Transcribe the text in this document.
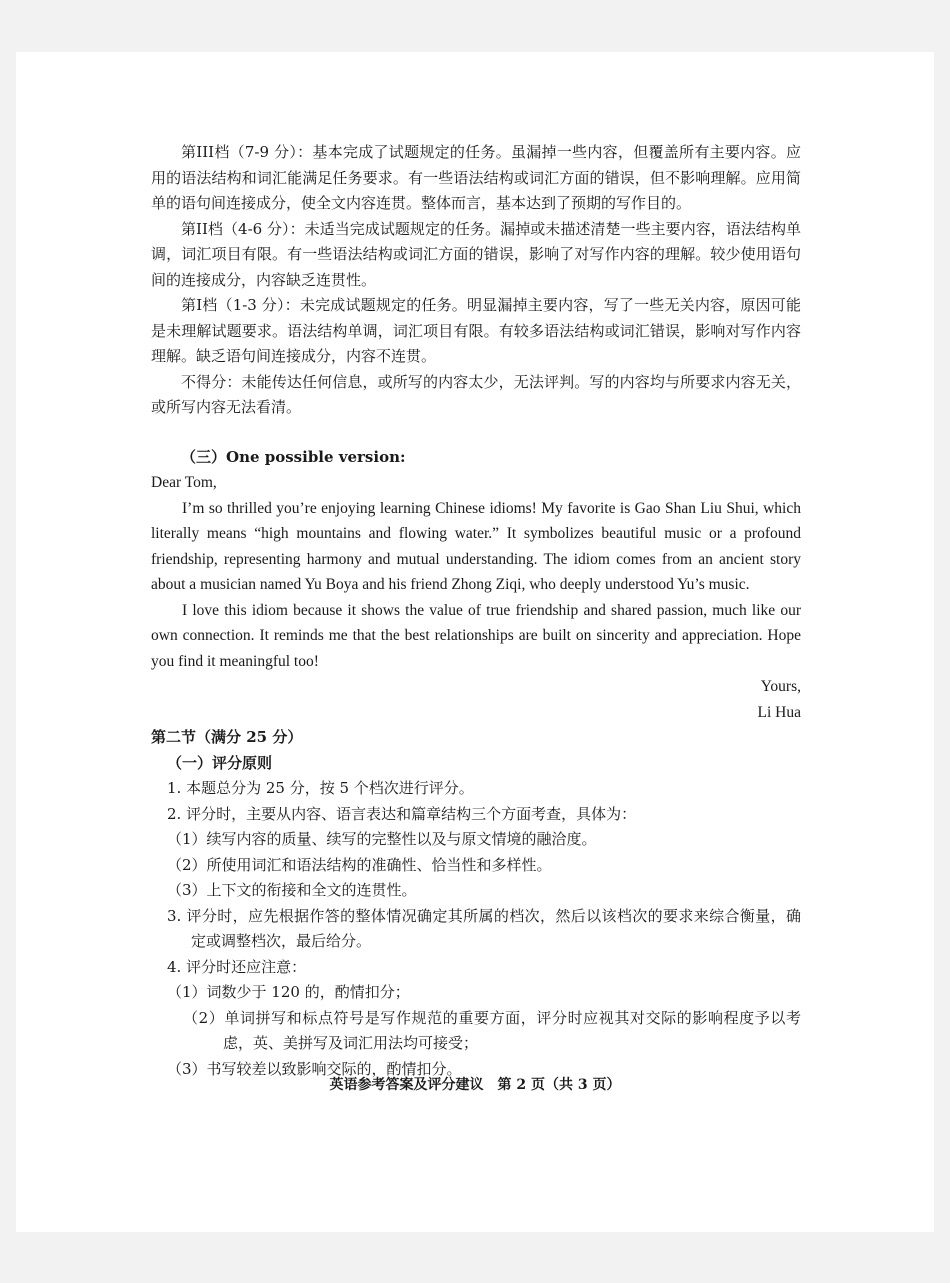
第III档（7-9 分）：基本完成了试题规定的任务。虽漏掉一些内容，但覆盖所有主要内容。应用的语法结构和词汇能满足任务要求。有一些语法结构或词汇方面的错误，但不影响理解。应用简单的语句间连接成分，使全文内容连贯。整体而言，基本达到了预期的写作目的。

第II档（4-6 分）：未适当完成试题规定的任务。漏掉或未描述清楚一些主要内容，语法结构单调，词汇项目有限。有一些语法结构或词汇方面的错误，影响了对写作内容的理解。较少使用语句间的连接成分，内容缺乏连贯性。

第I档（1-3 分）：未完成试题规定的任务。明显漏掉主要内容，写了一些无关内容，原因可能是未理解试题要求。语法结构单调，词汇项目有限。有较多语法结构或词汇错误，影响对写作内容理解。缺乏语句间连接成分，内容不连贯。

不得分：未能传达任何信息，或所写的内容太少，无法评判。写的内容均与所要求内容无关，或所写内容无法看清。

（三）One possible version:

Dear Tom,

I’m so thrilled you’re enjoying learning Chinese idioms! My favorite is Gao Shan Liu Shui, which literally means “high mountains and flowing water.” It symbolizes beautiful music or a profound friendship, representing harmony and mutual understanding. The idiom comes from an ancient story about a musician named Yu Boya and his friend Zhong Ziqi, who deeply understood Yu’s music.

I love this idiom because it shows the value of true friendship and shared passion, much like our own connection. It reminds me that the best relationships are built on sincerity and appreciation. Hope you find it meaningful too!

Yours,

Li Hua

第二节（满分 25 分）

（一）评分原则

1. 本题总分为 25 分，按 5 个档次进行评分。

2. 评分时，主要从内容、语言表达和篇章结构三个方面考查，具体为：

（1）续写内容的质量、续写的完整性以及与原文情境的融洽度。

（2）所使用词汇和语法结构的准确性、恰当性和多样性。

（3）上下文的衔接和全文的连贯性。

3. 评分时，应先根据作答的整体情况确定其所属的档次，然后以该档次的要求来综合衡量，确定或调整档次，最后给分。

4. 评分时还应注意：

（1）词数少于 120 的，酌情扣分；

（2）单词拼写和标点符号是写作规范的重要方面，评分时应视其对交际的影响程度予以考虑，英、美拼写及词汇用法均可接受；

（3）书写较差以致影响交际的，酌情扣分。

英语参考答案及评分建议　第 2 页（共 3 页）
